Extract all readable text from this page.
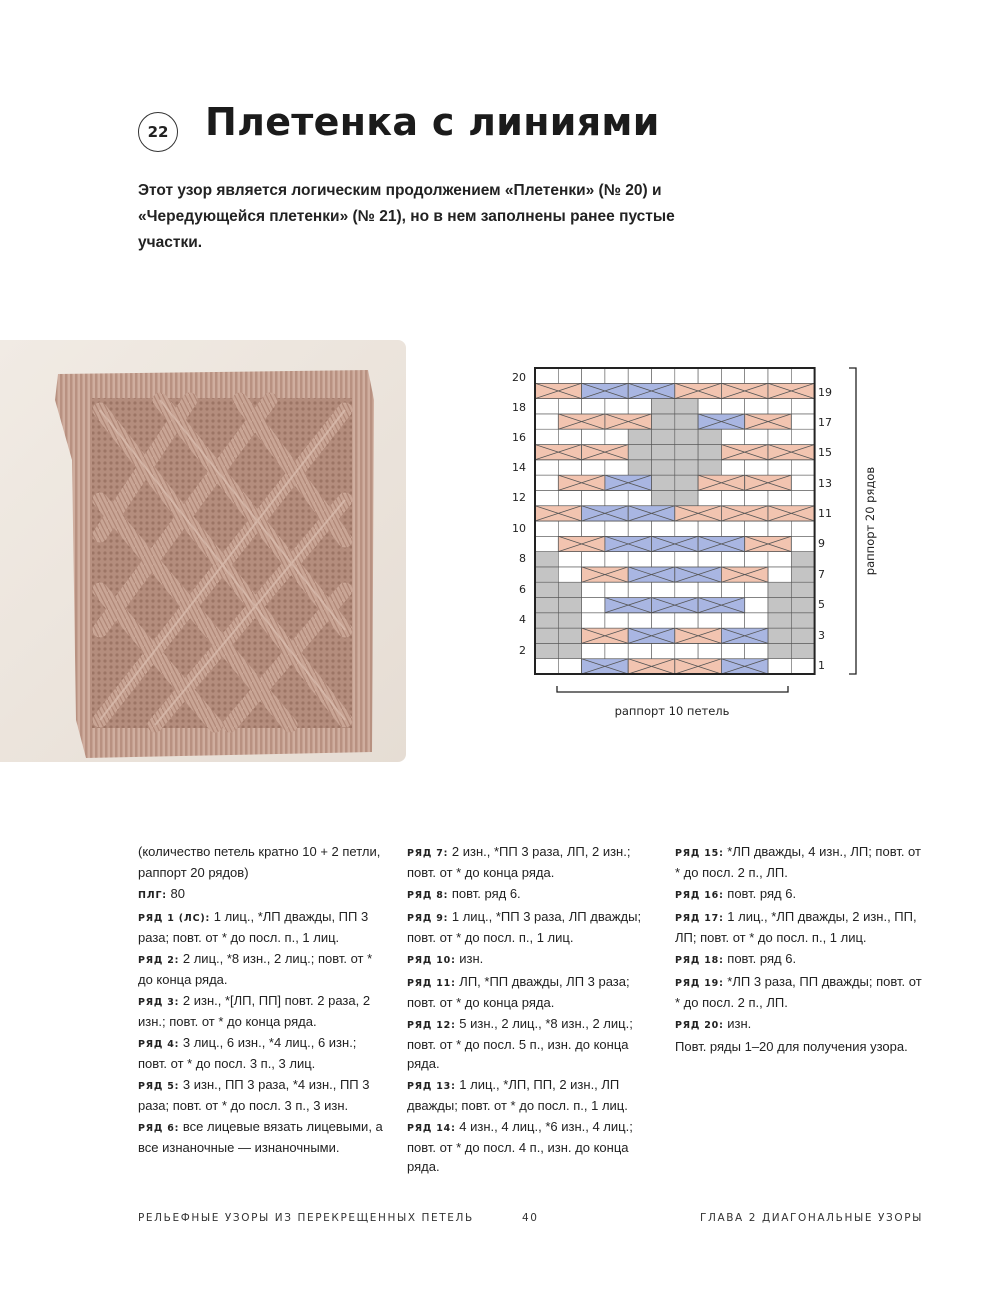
22 Плетенка с линиями
Этот узор является логическим продолжением «Плетенки» (№ 20) и «Чередующейся плетенки» (№ 21), но в нем заполнены ранее пустые участки.
20
18
16
14
12
10
8
6
4
2
19
17
15
13
11
9
7
5
3
1
раппорт 10 петель
раппорт 20 рядов

(количество петель кратно 10 + 2 петли, раппорт 20 рядов)

ПЛГ: 80

РЯД 1 (ЛС): 1 лиц., *ЛП дважды, ПП 3 раза; повт. от * до посл. п., 1 лиц.

РЯД 2: 2 лиц., *8 изн., 2 лиц.; повт. от * до конца ряда.

РЯД 3: 2 изн., *[ЛП, ПП] повт. 2 раза, 2 изн.; повт. от * до конца ряда.

РЯД 4: 3 лиц., 6 изн., *4 лиц., 6 изн.; повт. от * до посл. 3 п., 3 лиц.

РЯД 5: 3 изн., ПП 3 раза, *4 изн., ПП 3 раза; повт. от * до посл. 3 п., 3 изн.

РЯД 6: все лицевые вязать лицевыми, а все изнаночные — изнаночными.

РЯД 7: 2 изн., *ПП 3 раза, ЛП, 2 изн.; повт. от * до конца ряда.

РЯД 8: повт. ряд 6.

РЯД 9: 1 лиц., *ПП 3 раза, ЛП дважды; повт. от * до посл. п., 1 лиц.

РЯД 10: изн.

РЯД 11: ЛП, *ПП дважды, ЛП 3 раза; повт. от * до конца ряда.

РЯД 12: 5 изн., 2 лиц., *8 изн., 2 лиц.; повт. от * до посл. 5 п., изн. до конца ряда.

РЯД 13: 1 лиц., *ЛП, ПП, 2 изн., ЛП дважды; повт. от * до посл. п., 1 лиц.

РЯД 14: 4 изн., 4 лиц., *6 изн., 4 лиц.; повт. от * до посл. 4 п., изн. до конца ряда.

РЯД 15: *ЛП дважды, 4 изн., ЛП; повт. от * до посл. 2 п., ЛП.

РЯД 16: повт. ряд 6.

РЯД 17: 1 лиц., *ЛП дважды, 2 изн., ПП, ЛП; повт. от * до посл. п., 1 лиц.

РЯД 18: повт. ряд 6.

РЯД 19: *ЛП 3 раза, ПП дважды; повт. от * до посл. 2 п., ЛП.

РЯД 20: изн.

Повт. ряды 1–20 для получения узора.

РЕЛЬЕФНЫЕ УЗОРЫ ИЗ ПЕРЕКРЕЩЕННЫХ ПЕТЕЛЬ	40	ГЛАВА 2 ДИАГОНАЛЬНЫЕ УЗОРЫ
